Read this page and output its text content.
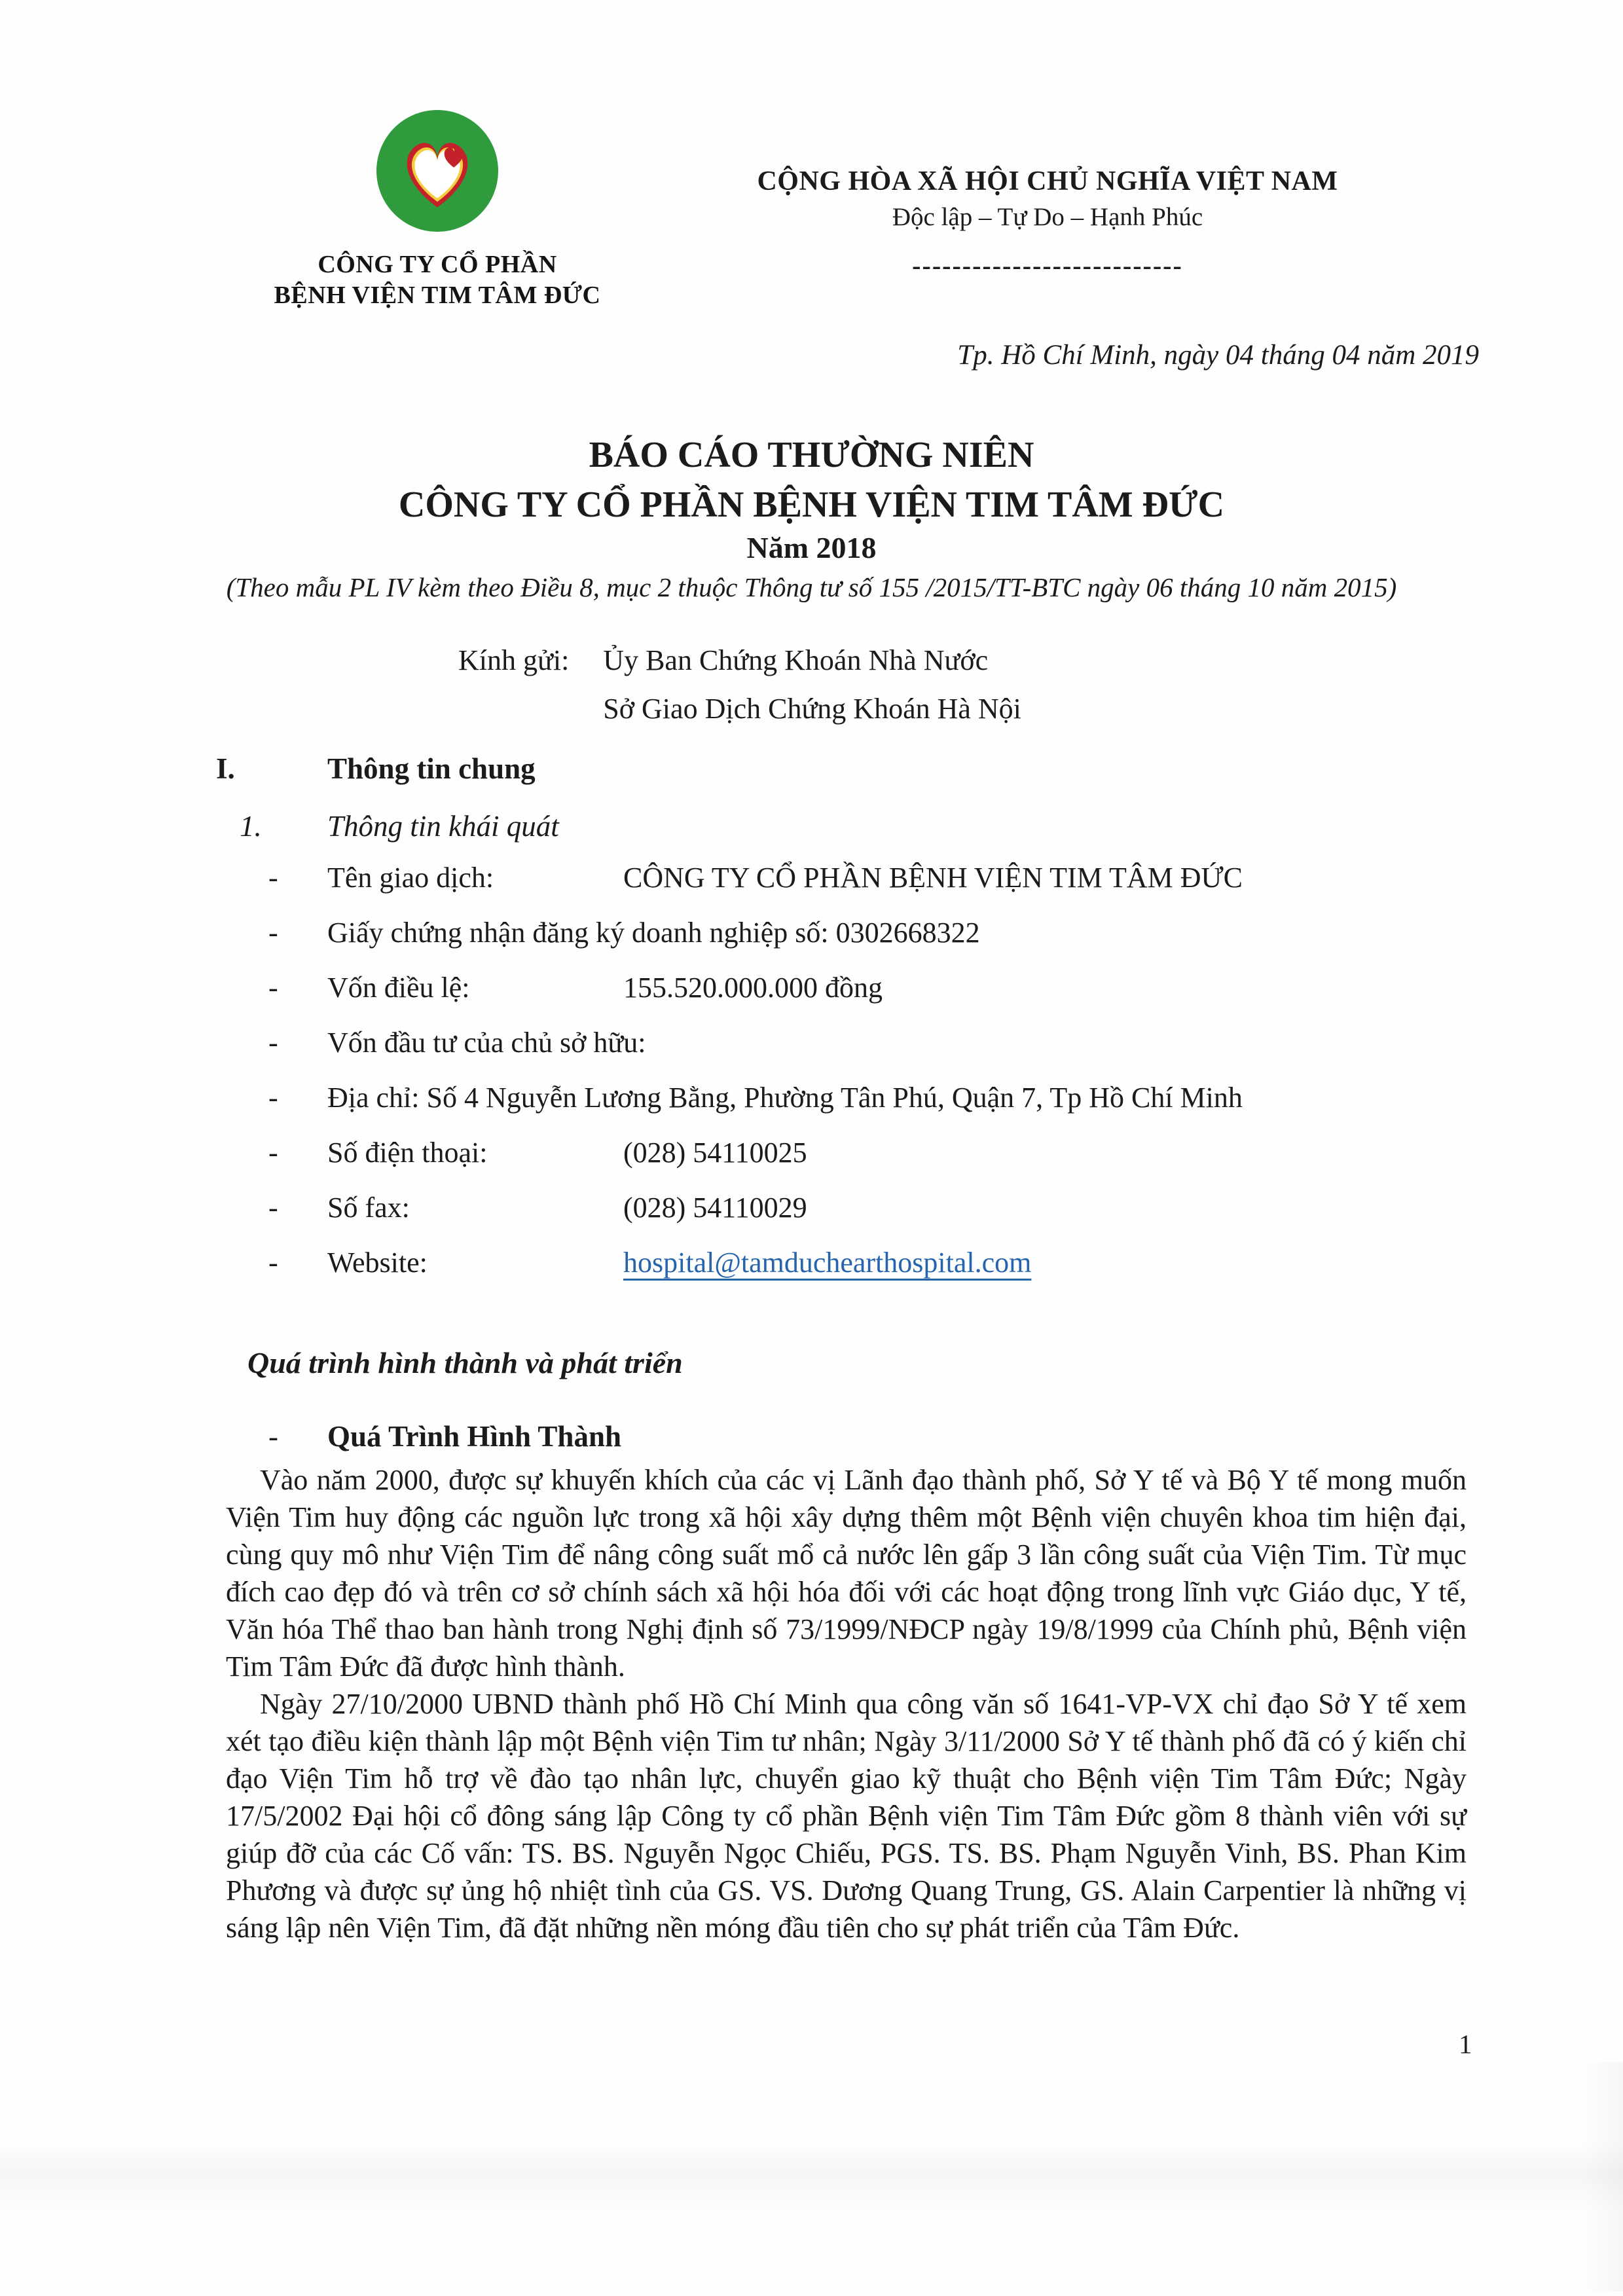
CÔNG TY CỔ PHẦN
BỆNH VIỆN TIM TÂM ĐỨC
CỘNG HÒA XÃ HỘI CHỦ NGHĨA VIỆT NAM
Độc lập – Tự Do – Hạnh Phúc
---------------------------
Tp. Hồ Chí Minh, ngày 04 tháng 04 năm 2019
BÁO CÁO THƯỜNG NIÊN
CÔNG TY CỔ PHẦN BỆNH VIỆN TIM TÂM ĐỨC
Năm 2018
(Theo mẫu PL IV kèm theo Điều 8, mục 2 thuộc Thông tư số 155 /2015/TT-BTC ngày 06 tháng 10 năm 2015)
Kính gửi: Ủy Ban Chứng Khoán Nhà Nước
Sở Giao Dịch Chứng Khoán Hà Nội
I.	Thông tin chung
1. Thông tin khái quát
- Tên giao dịch:	CÔNG TY CỔ PHẦN BỆNH VIỆN TIM TÂM ĐỨC
- Giấy chứng nhận đăng ký doanh nghiệp số: 0302668322
- Vốn điều lệ:	155.520.000.000 đồng
- Vốn đầu tư của chủ sở hữu:
- Địa chỉ: Số 4 Nguyễn Lương Bằng, Phường Tân Phú, Quận 7, Tp Hồ Chí Minh
- Số điện thoại:	(028) 54110025
- Số fax:	(028) 54110029
- Website:	hospital@tamduchearthospital.com
Quá trình hình thành và phát triển
- Quá Trình Hình Thành

Vào năm 2000, được sự khuyến khích của các vị Lãnh đạo thành phố, Sở Y tế và Bộ Y tế mong muốn Viện Tim huy động các nguồn lực trong xã hội xây dựng thêm một Bệnh viện chuyên khoa tim hiện đại, cùng quy mô như Viện Tim để nâng công suất mổ cả nước lên gấp 3 lần công suất của Viện Tim. Từ mục đích cao đẹp đó và trên cơ sở chính sách xã hội hóa đối với các hoạt động trong lĩnh vực Giáo dục, Y tế, Văn hóa Thể thao ban hành trong Nghị định số 73/1999/NĐCP ngày 19/8/1999 của Chính phủ, Bệnh viện Tim Tâm Đức đã được hình thành.

Ngày 27/10/2000 UBND thành phố Hồ Chí Minh qua công văn số 1641-VP-VX chỉ đạo Sở Y tế xem xét tạo điều kiện thành lập một Bệnh viện Tim tư nhân; Ngày 3/11/2000 Sở Y tế thành phố đã có ý kiến chỉ đạo Viện Tim hỗ trợ về đào tạo nhân lực, chuyển giao kỹ thuật cho Bệnh viện Tim Tâm Đức; Ngày 17/5/2002 Đại hội cổ đông sáng lập Công ty cổ phần Bệnh viện Tim Tâm Đức gồm 8 thành viên với sự giúp đỡ của các Cố vấn: TS. BS. Nguyễn Ngọc Chiếu, PGS. TS. BS. Phạm Nguyễn Vinh, BS. Phan Kim Phương và được sự ủng hộ nhiệt tình của GS. VS. Dương Quang Trung, GS. Alain Carpentier là những vị sáng lập nên Viện Tim, đã đặt những nền móng đầu tiên cho sự phát triển của Tâm Đức.

1
